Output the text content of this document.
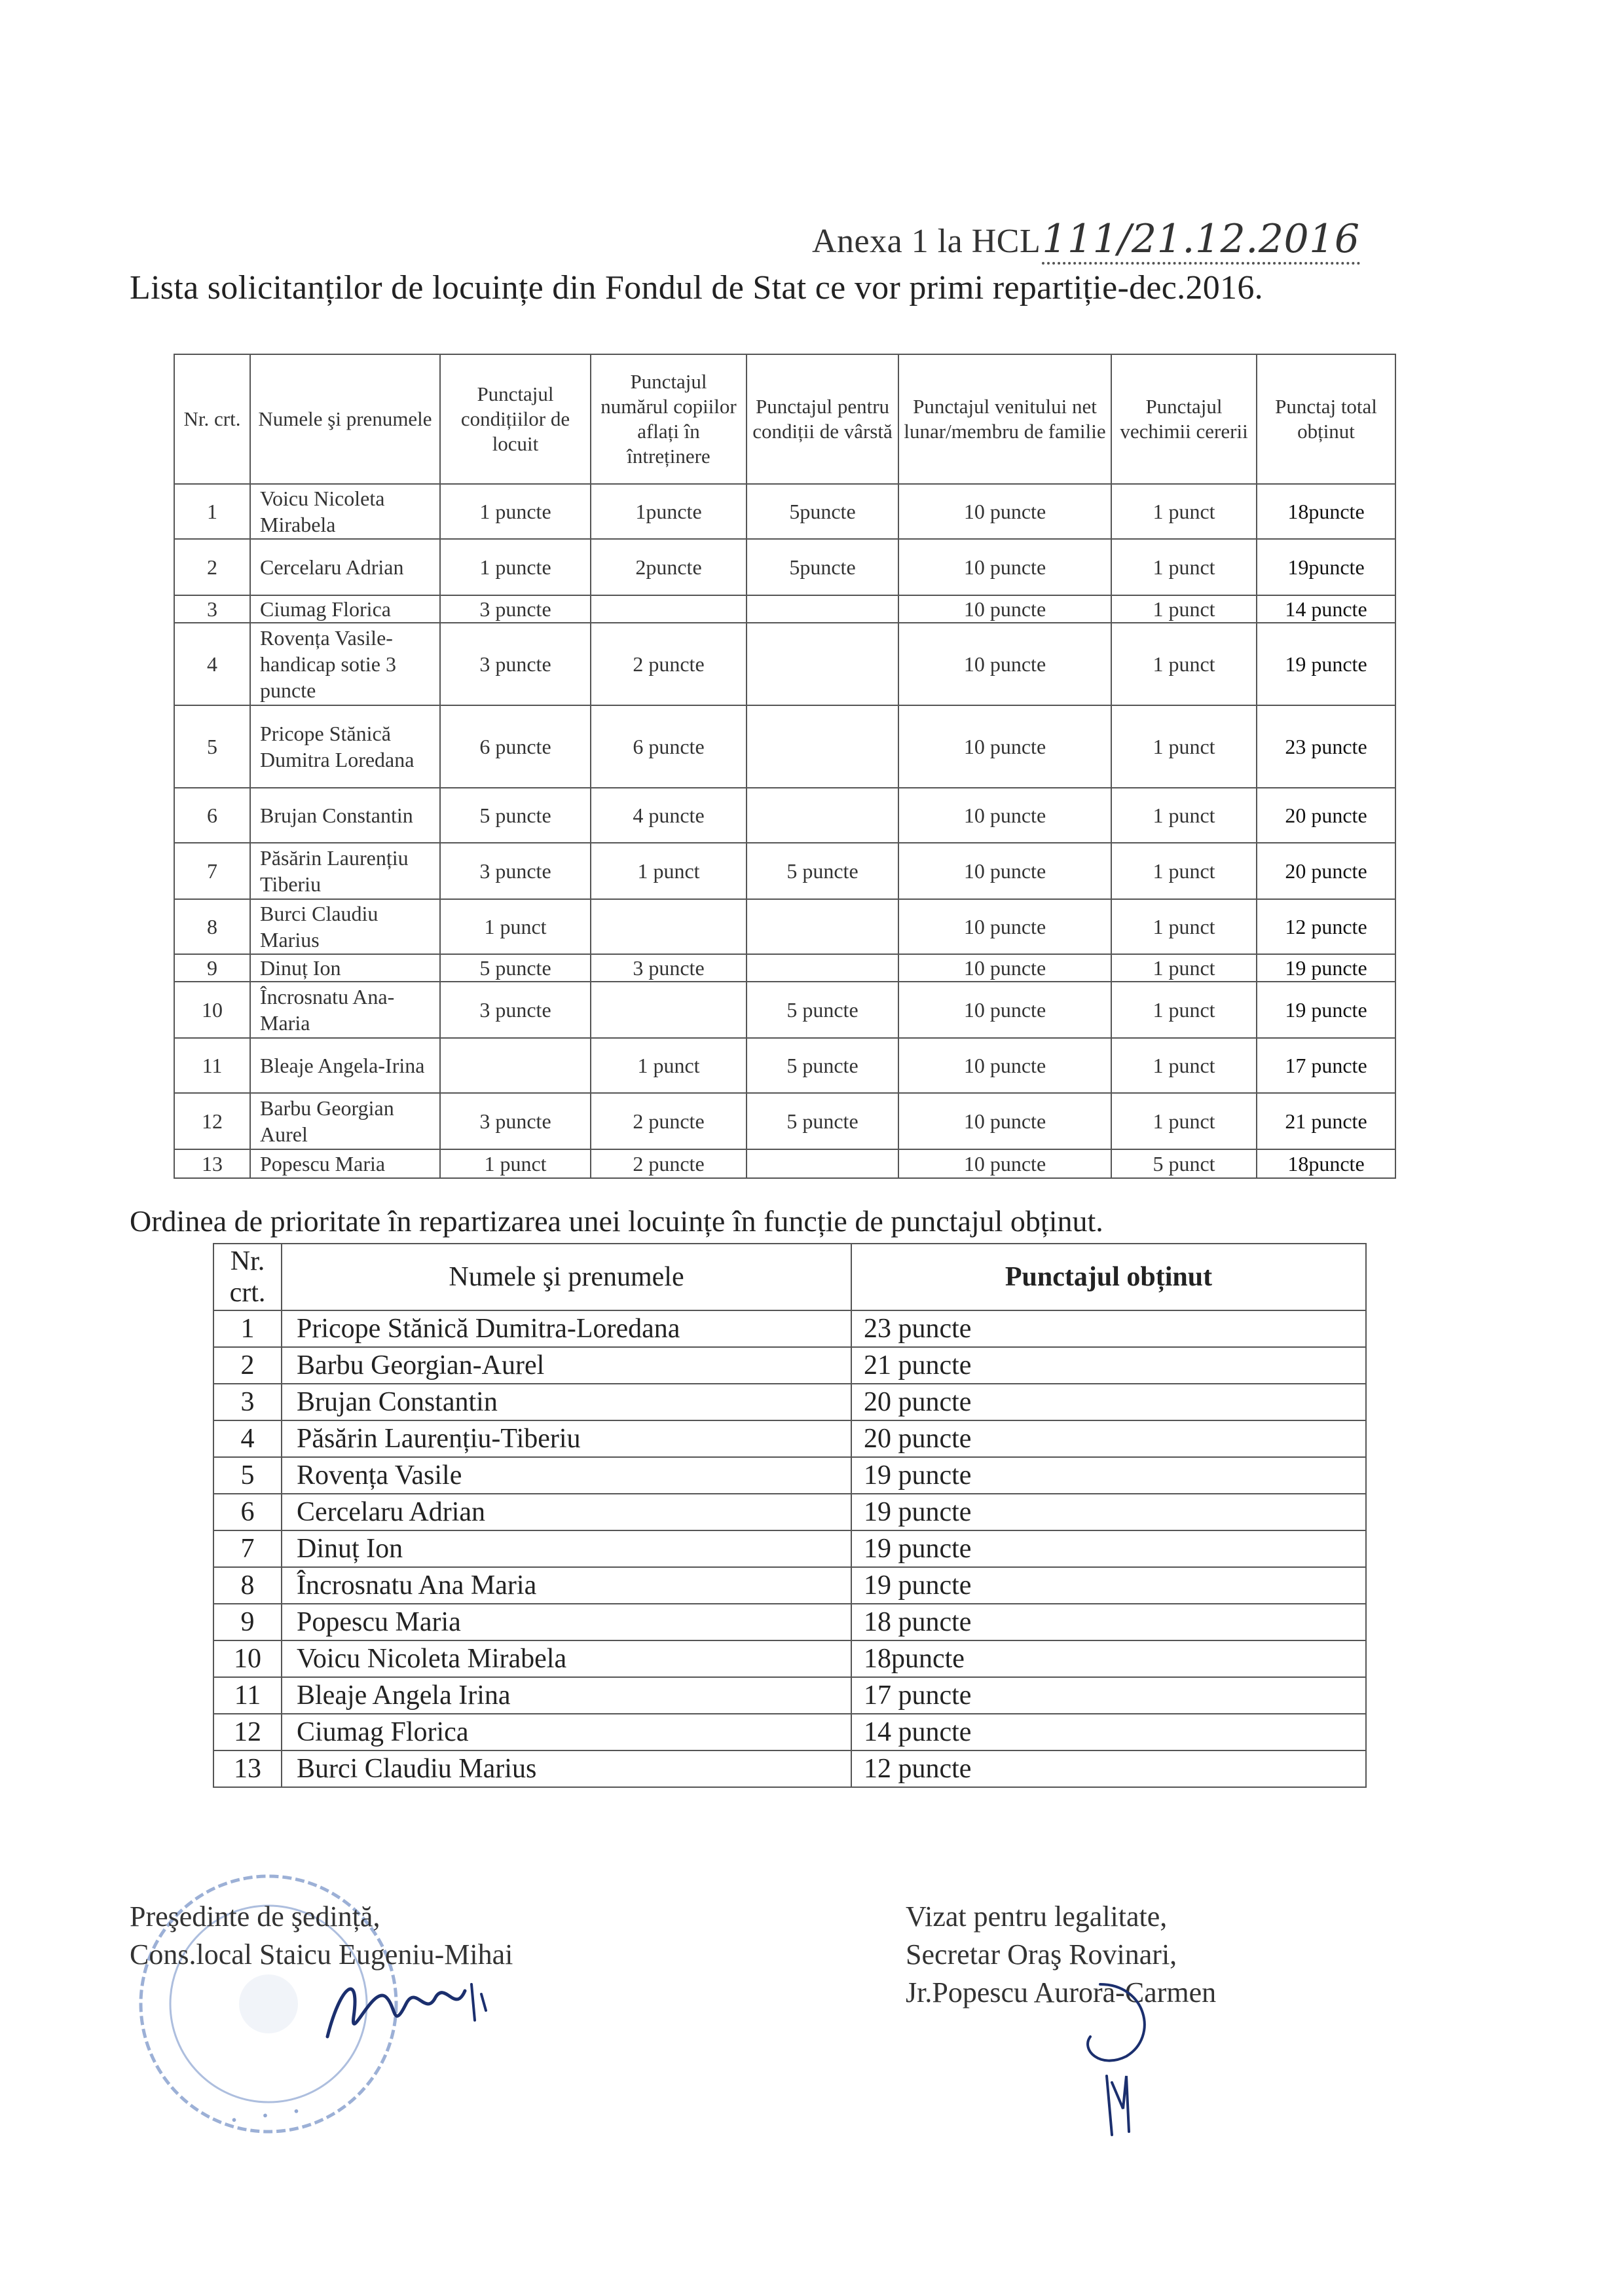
Anexa 1 la HCL111/21.12.2016
Lista solicitanților de locuințe din Fondul de Stat ce vor primi repartiție-dec.2016.
Nr. crt.	Numele şi prenumele	Punctajul condițiilor de locuit	Punctajul numărul copiilor aflați în întreținere	Punctajul pentru condiții de vârstă	Punctajul venitului net lunar/membru de familie	Punctajul vechimii cererii	Punctaj total obținut
1	Voicu Nicoleta Mirabela	1 puncte	1puncte	5puncte	10 puncte	1 punct	18puncte
2	Cercelaru Adrian	1 puncte	2puncte	5puncte	10 puncte	1 punct	19puncte
3	Ciumag Florica	3 puncte			10 puncte	1 punct	14 puncte
4	Rovența Vasile-handicap sotie 3 puncte	3 puncte	2 puncte		10 puncte	1 punct	19 puncte
5	Pricope Stănică Dumitra Loredana	6 puncte	6 puncte		10 puncte	1 punct	23 puncte
6	Brujan Constantin	5 puncte	4 puncte		10 puncte	1 punct	20 puncte
7	Păsărin Laurențiu Tiberiu	3 puncte	1 punct	5 puncte	10 puncte	1 punct	20 puncte
8	Burci Claudiu Marius	1 punct			10 puncte	1 punct	12 puncte
9	Dinuț Ion	5 puncte	3 puncte		10 puncte	1 punct	19 puncte
10	Încrosnatu Ana-Maria	3 puncte		5 puncte	10 puncte	1 punct	19 puncte
11	Bleaje Angela-Irina		1 punct	5 puncte	10 puncte	1 punct	17 puncte
12	Barbu Georgian Aurel	3 puncte	2 puncte	5 puncte	10 puncte	1 punct	21 puncte
13	Popescu Maria	1 punct	2 puncte		10 puncte	5 punct	18puncte
Ordinea de prioritate în repartizarea unei locuințe în funcție de punctajul obținut.
Nr. crt.	Numele şi prenumele	Punctajul obținut
1	Pricope Stănică Dumitra-Loredana	23 puncte
2	Barbu Georgian-Aurel	21 puncte
3	Brujan Constantin	20 puncte
4	Păsărin Laurențiu-Tiberiu	20 puncte
5	Rovența Vasile	19 puncte
6	Cercelaru Adrian	19 puncte
7	Dinuț Ion	19 puncte
8	Încrosnatu Ana Maria	19 puncte
9	Popescu Maria	18 puncte
10	Voicu Nicoleta Mirabela	18puncte
11	Bleaje Angela Irina	17 puncte
12	Ciumag Florica	14 puncte
13	Burci Claudiu Marius	12 puncte
· · ·
Preşedinte de şedință,
Cons.local Staicu Eugeniu-Mihai
Vizat pentru legalitate,
Secretar Oraş Rovinari,
Jr.Popescu Aurora-Carmen
